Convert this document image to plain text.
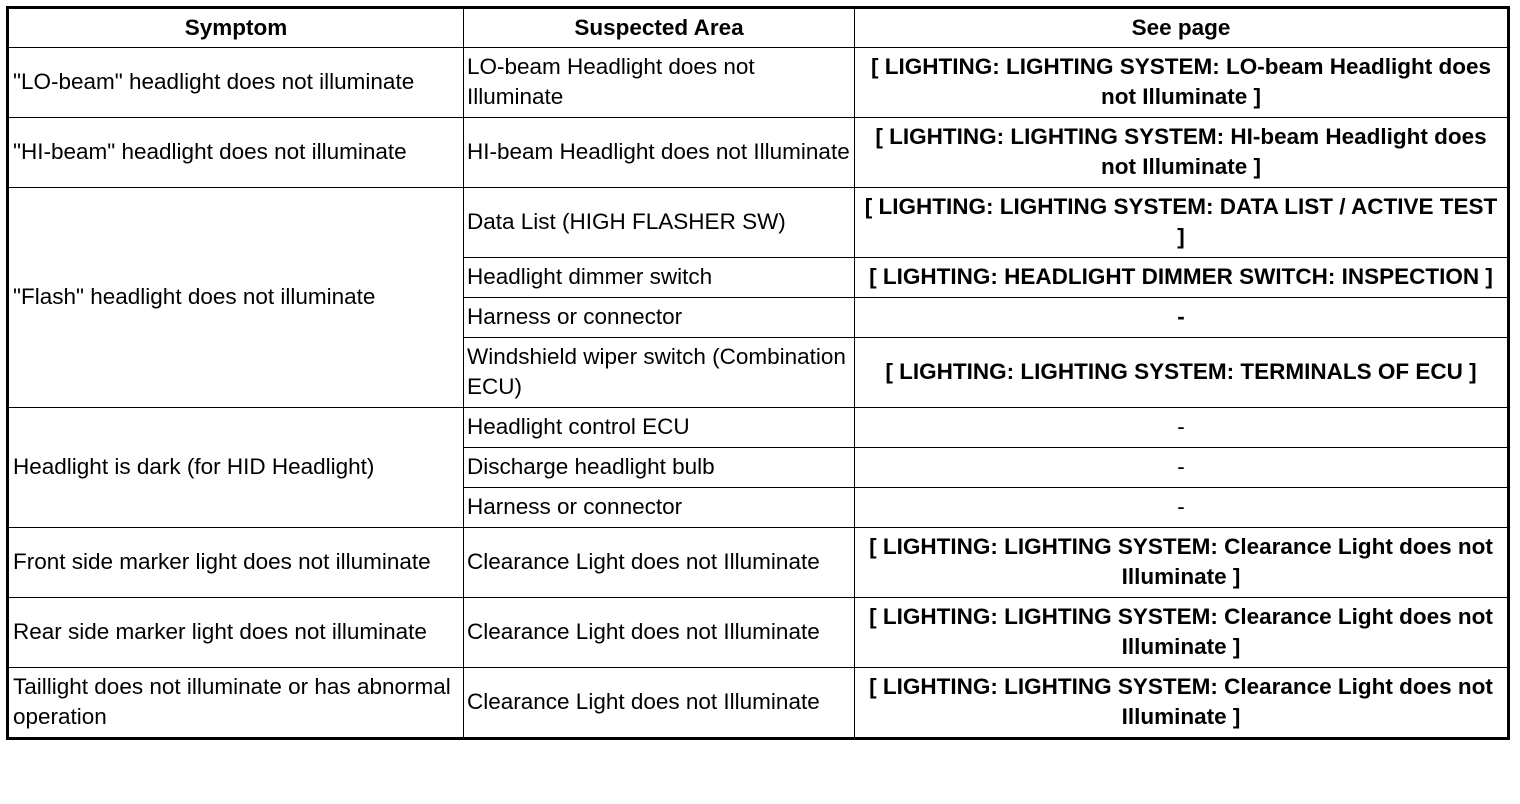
Symptom	Suspected Area	See page
"LO-beam" headlight does not illuminate	LO-beam Headlight does not Illuminate	[ LIGHTING: LIGHTING SYSTEM: LO-beam Headlight does not Illuminate ]
"HI-beam" headlight does not illuminate	HI-beam Headlight does not Illuminate	[ LIGHTING: LIGHTING SYSTEM: HI-beam Headlight does not Illuminate ]
"Flash" headlight does not illuminate	Data List (HIGH FLASHER SW)	[ LIGHTING: LIGHTING SYSTEM: DATA LIST / ACTIVE TEST ]
	Headlight dimmer switch	[ LIGHTING: HEADLIGHT DIMMER SWITCH: INSPECTION ]
	Harness or connector	-
	Windshield wiper switch (Combination ECU)	[ LIGHTING: LIGHTING SYSTEM: TERMINALS OF ECU ]
Headlight is dark (for HID Headlight)	Headlight control ECU	-
	Discharge headlight bulb	-
	Harness or connector	-
Front side marker light does not illuminate	Clearance Light does not Illuminate	[ LIGHTING: LIGHTING SYSTEM: Clearance Light does not Illuminate ]
Rear side marker light does not illuminate	Clearance Light does not Illuminate	[ LIGHTING: LIGHTING SYSTEM: Clearance Light does not Illuminate ]
Taillight does not illuminate or has abnormal operation	Clearance Light does not Illuminate	[ LIGHTING: LIGHTING SYSTEM: Clearance Light does not Illuminate ]
